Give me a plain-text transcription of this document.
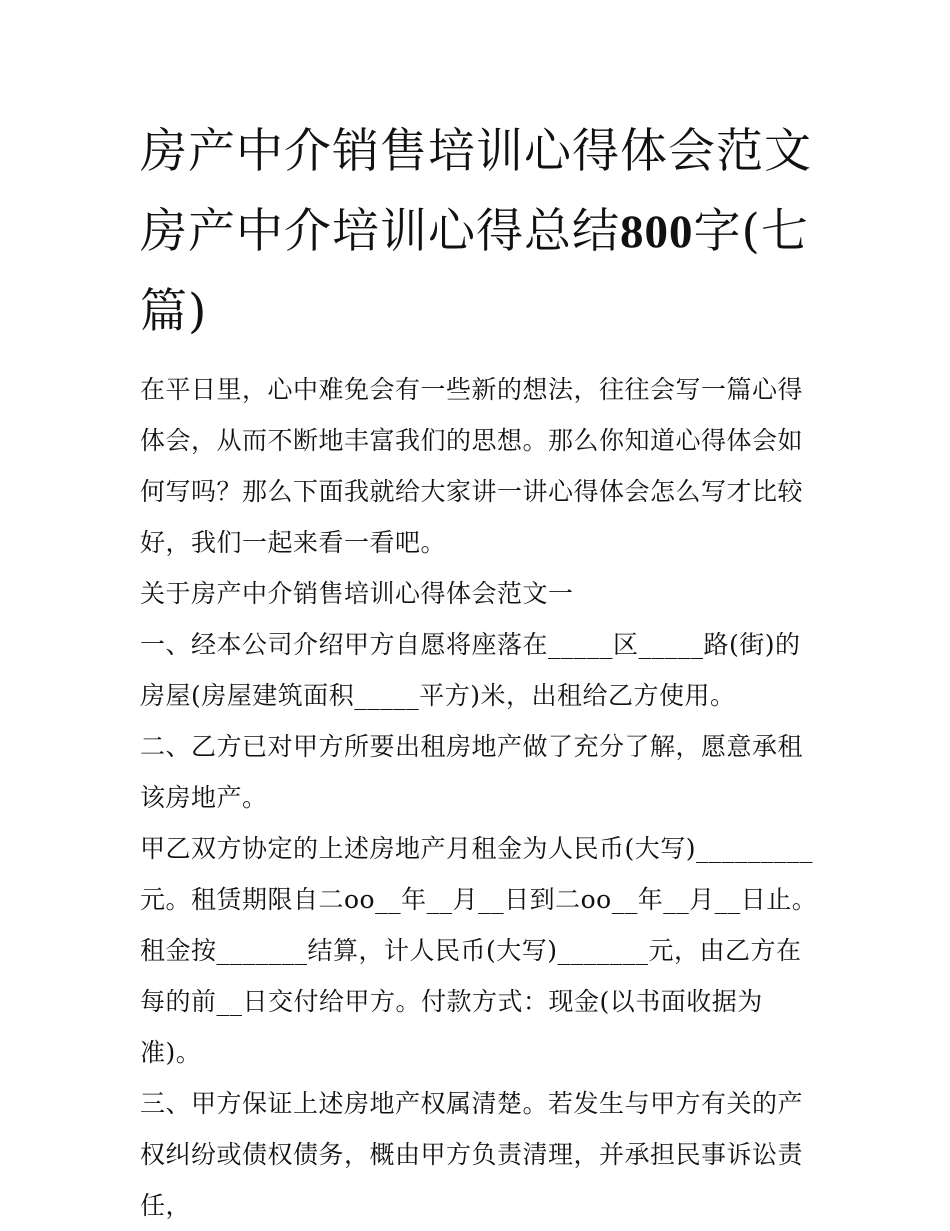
房产中介销售培训心得体会范文 房产中介培训心得总结800字(七篇)

在平日里，心中难免会有一些新的想法，往往会写一篇心得体会，从而不断地丰富我们的思想。那么你知道心得体会如何写吗？那么下面我就给大家讲一讲心得体会怎么写才比较好，我们一起来看一看吧。

关于房产中介销售培训心得体会范文一

一、经本公司介绍甲方自愿将座落在_____区_____路(街)的房屋(房屋建筑面积_____平方)米，出租给乙方使用。

二、乙方已对甲方所要出租房地产做了充分了解，愿意承租该房地产。

甲乙双方协定的上述房地产月租金为人民币(大写)_________元。租赁期限自二oo__年__月__日到二oo__年__月__日止。租金按_______结算，计人民币(大写)_______元，由乙方在每的前__日交付给甲方。付款方式：现金(以书面收据为准)。

三、甲方保证上述房地产权属清楚。若发生与甲方有关的产权纠纷或债权债务，概由甲方负责清理，并承担民事诉讼责任，
